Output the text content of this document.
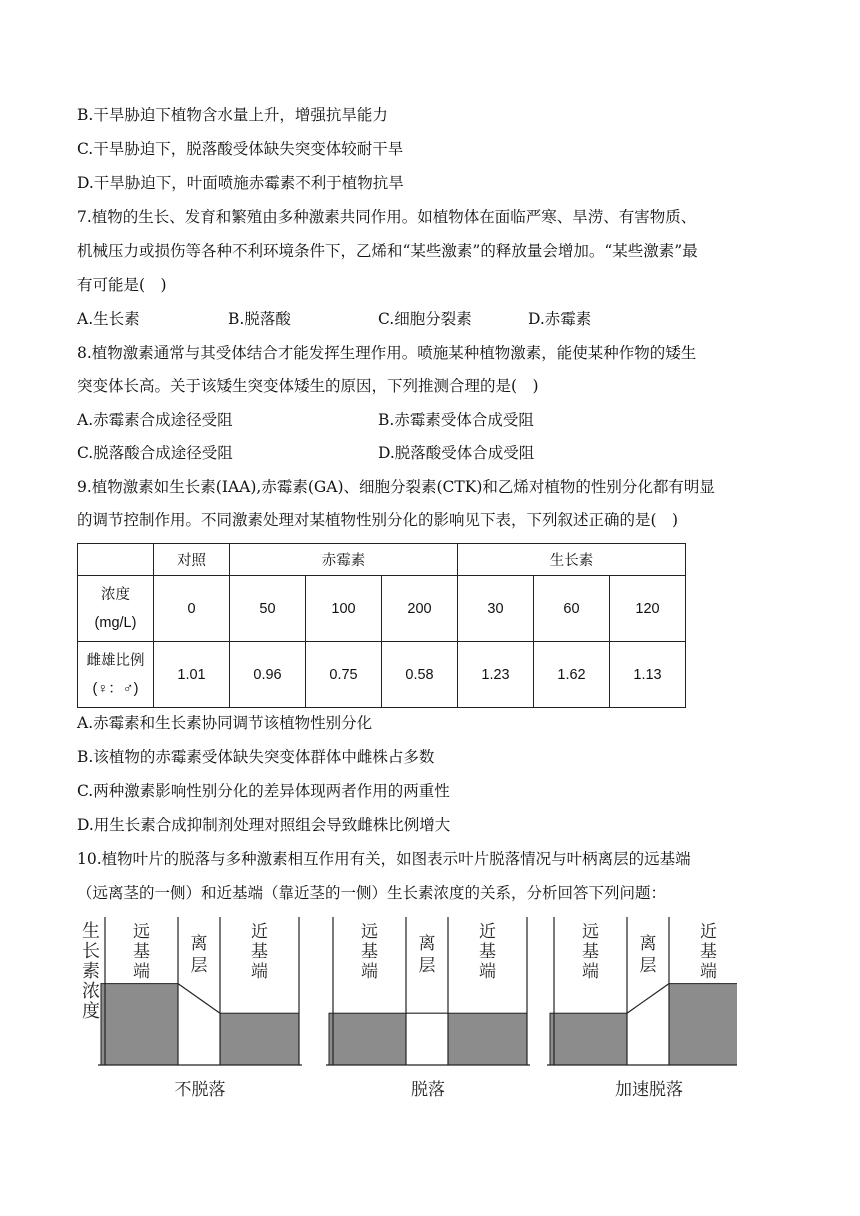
B.干旱胁迫下植物含水量上升，增强抗旱能力
C.干旱胁迫下，脱落酸受体缺失突变体较耐干旱
D.干旱胁迫下，叶面喷施赤霉素不利于植物抗旱
7.植物的生长、发育和繁殖由多种激素共同作用。如植物体在面临严寒、旱涝、有害物质、
机械压力或损伤等各种不利环境条件下，乙烯和“某些激素”的释放量会增加。“某些激素”最
有可能是(　)
A.生长素	B.脱落酸	C.细胞分裂素	D.赤霉素
8.植物激素通常与其受体结合才能发挥生理作用。喷施某种植物激素，能使某种作物的矮生
突变体长高。关于该矮生突变体矮生的原因，下列推测合理的是(　)
A.赤霉素合成途径受阻	B.赤霉素受体合成受阻
C.脱落酸合成途径受阻	D.脱落酸受体合成受阻
9.植物激素如生长素(IAA),赤霉素(GA)、细胞分裂素(CTK)和乙烯对植物的性别分化都有明显
的调节控制作用。不同激素处理对某植物性别分化的影响见下表，下列叙述正确的是(　)
	对照	赤霉素			生长素		

浓度
(mg/L)	0	50	100	200	30	60	120

雌雄比例
(♀：♂)	1.01	0.96	0.75	0.58	1.23	1.62	1.13
A.赤霉素和生长素协同调节该植物性别分化
B.该植物的赤霉素受体缺失突变体群体中雌株占多数
C.两种激素影响性别分化的差异体现两者作用的两重性
D.用生长素合成抑制剂处理对照组会导致雌株比例增大
10.植物叶片的脱落与多种激素相互作用有关，如图表示叶片脱落情况与叶柄离层的远基端
（远离茎的一侧）和近基端（靠近茎的一侧）生长素浓度的关系，分析回答下列问题：
生
长
素
浓
度
远
基
端
离
层
近
基
端
不脱落
远
基
端
离
层
近
基
端
脱落
远
基
端
离
层
近
基
端
加速脱落
